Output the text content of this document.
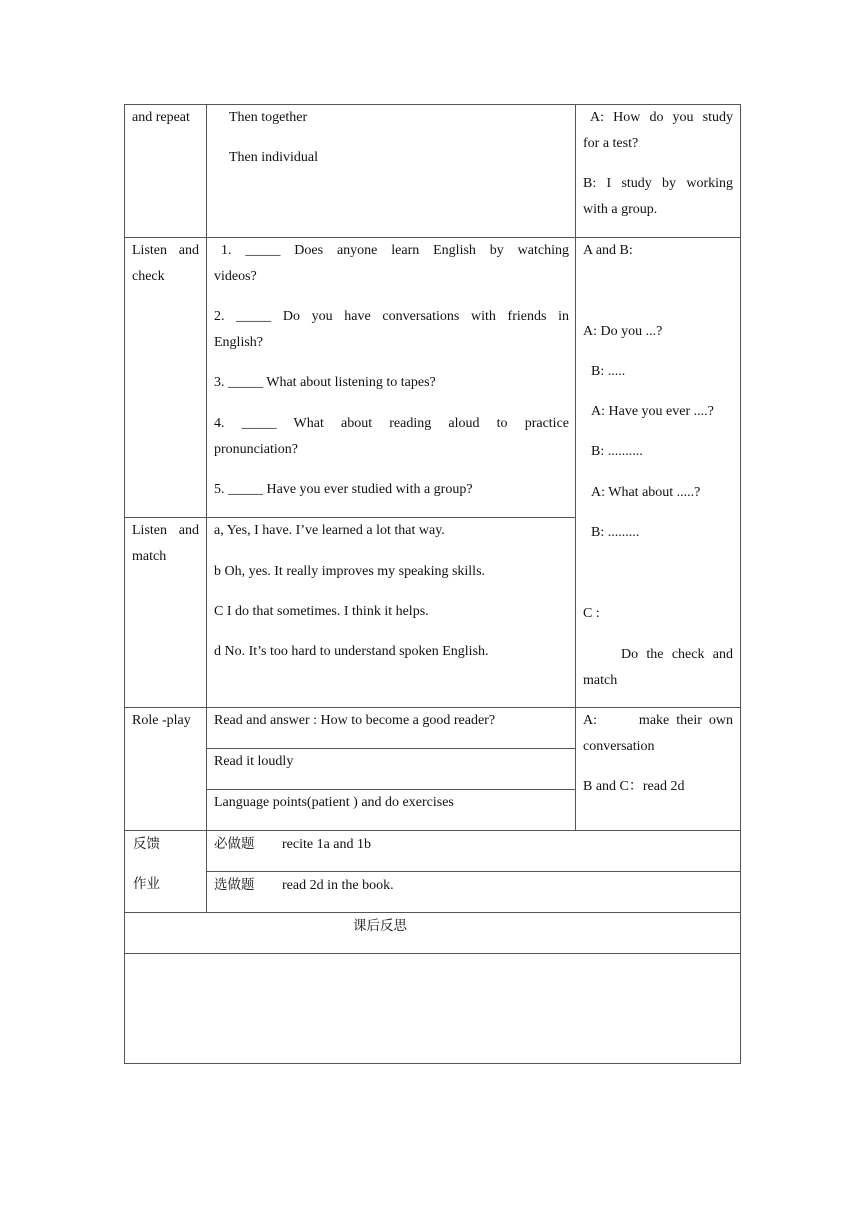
and repeat	Then together
Then individual
A: How do you study
for a test?
B: I study by working
with a group.
Listen and
check
1. _____ Does anyone learn English by watching
videos?
2. _____ Do you have conversations with friends in
English?
3. _____ What about listening to tapes?
4. _____ What about reading aloud to practice
pronunciation?
5. _____ Have you ever studied with a group?
A and B:
A: Do you ...?
B: .....
A: Have you ever ....?
B: ..........
A: What about .....?
B: .........
C :
Do the check and
match
Listen and
match
a, Yes, I have. I’ve learned a lot that way.
b Oh, yes. It really improves my speaking skills.
C I do that sometimes. I think it helps.
d No. It’s too hard to understand spoken English.
Role -play Read and answer : How to become a good reader?
Read it loudly
Language points(patient ) and do exercises
A:      make their own
conversation
B and C：read 2d
反馈
作业
必做题 recite 1a and 1b
选做题 read 2d in the book.
课后反思
